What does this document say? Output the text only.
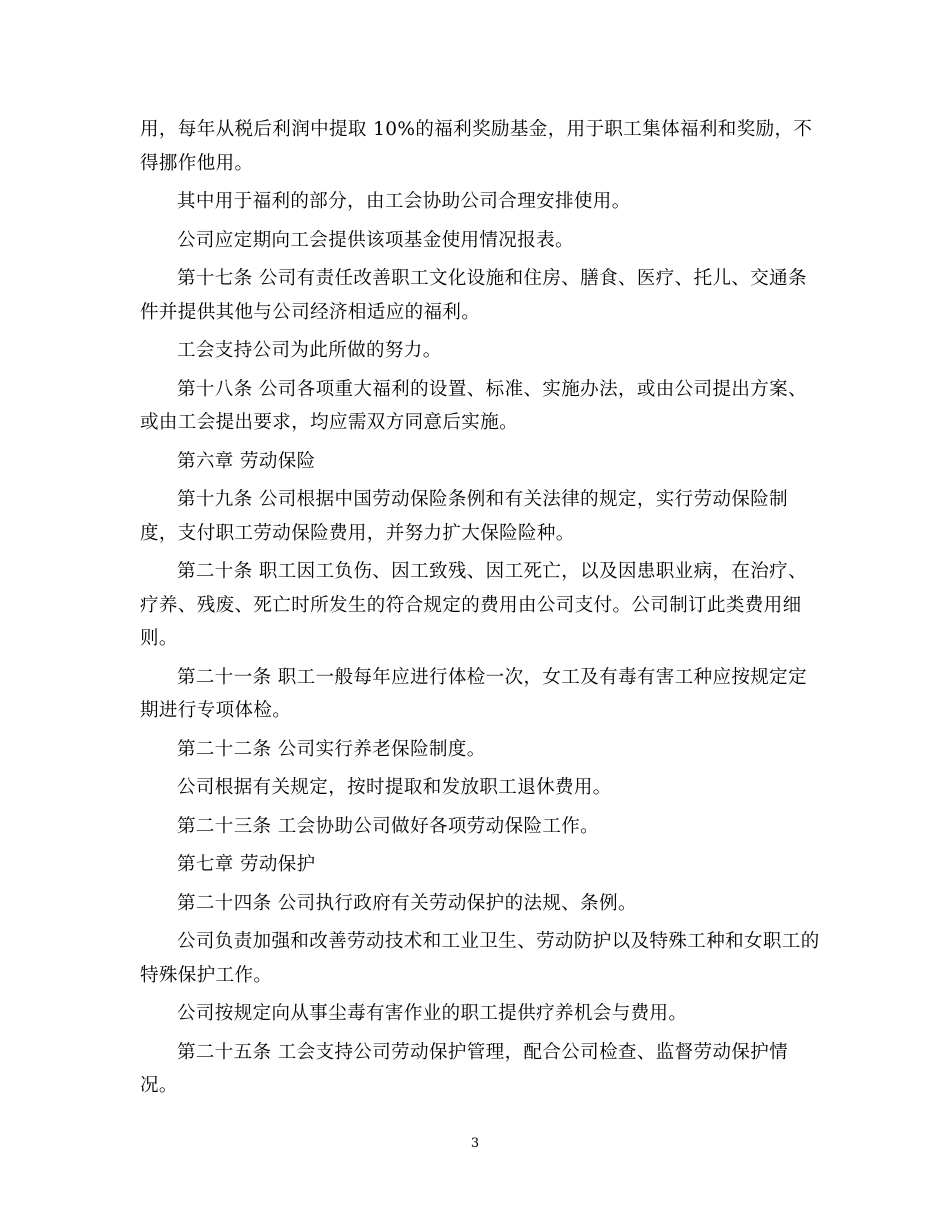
用，每年从税后利润中提取 10%的福利奖励基金，用于职工集体福利和奖励，不得挪作他用。

其中用于福利的部分，由工会协助公司合理安排使用。

公司应定期向工会提供该项基金使用情况报表。

第十七条 公司有责任改善职工文化设施和住房、膳食、医疗、托儿、交通条件并提供其他与公司经济相适应的福利。

工会支持公司为此所做的努力。

第十八条 公司各项重大福利的设置、标准、实施办法，或由公司提出方案、或由工会提出要求，均应需双方同意后实施。

第六章 劳动保险

第十九条 公司根据中国劳动保险条例和有关法律的规定，实行劳动保险制度，支付职工劳动保险费用，并努力扩大保险险种。

第二十条 职工因工负伤、因工致残、因工死亡，以及因患职业病，在治疗、疗养、残废、死亡时所发生的符合规定的费用由公司支付。公司制订此类费用细则。

第二十一条 职工一般每年应进行体检一次，女工及有毒有害工种应按规定定期进行专项体检。

第二十二条 公司实行养老保险制度。

公司根据有关规定，按时提取和发放职工退休费用。

第二十三条 工会协助公司做好各项劳动保险工作。

第七章 劳动保护

第二十四条 公司执行政府有关劳动保护的法规、条例。

公司负责加强和改善劳动技术和工业卫生、劳动防护以及特殊工种和女职工的特殊保护工作。

公司按规定向从事尘毒有害作业的职工提供疗养机会与费用。

第二十五条 工会支持公司劳动保护管理，配合公司检查、监督劳动保护情况。

3
